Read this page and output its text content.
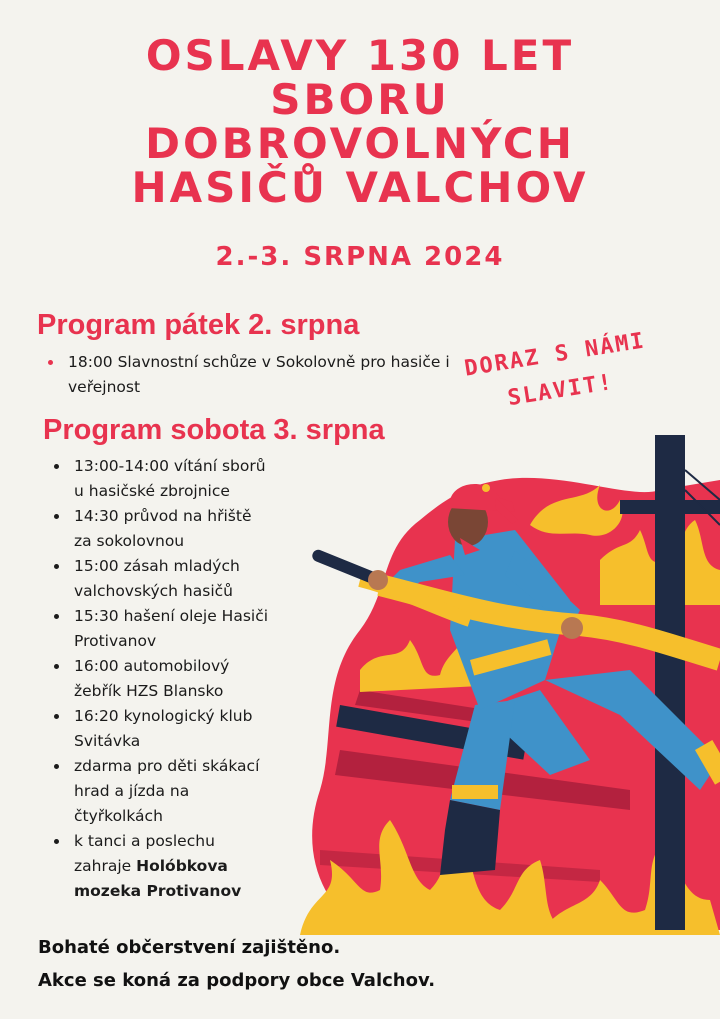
OSLAVY 130 LET
SBORU
DOBROVOLNÝCH
HASIČŮ VALCHOV
2.-3. SRPNA 2024
Program pátek 2. srpna
18:00 Slavnostní schůze v Sokolovně pro hasiče i veřejnost
Program sobota 3. srpna
13:00-14:00 vítání sborů u hasičské zbrojnice
14:30 průvod na hřiště za sokolovnou
15:00 zásah mladých valchovských hasičů
15:30 hašení oleje Hasiči Protivanov
16:00 automobilový žebřík HZS Blansko
16:20 kynologický klub Svitávka
zdarma pro děti skákací hrad a jízda na čtyřkolkách
k tanci a poslechu zahraje Holóbkova mozeka Protivanov
DORAZ S NÁMI
SLAVIT!
Bohaté občerstvení zajištěno.
Akce se koná za podpory obce Valchov.
